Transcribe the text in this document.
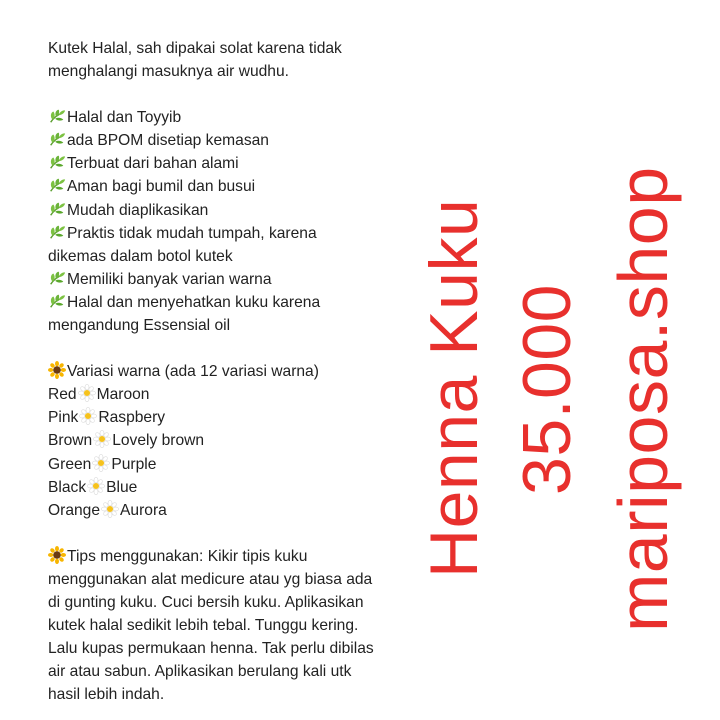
Kutek Halal, sah dipakai solat karena tidak

menghalangi masuknya air wudhu.

Halal dan Toyyib

ada BPOM disetiap kemasan

Terbuat dari bahan alami

Aman bagi bumil dan busui

Mudah diaplikasikan

Praktis tidak mudah tumpah, karena

dikemas dalam botol kutek

Memiliki banyak varian warna

Halal dan menyehatkan kuku karena

mengandung Essensial oil

Variasi warna (ada 12 variasi warna)

Red Maroon

Pink Raspbery

Brown Lovely brown

Green Purple

Black Blue

Orange Aurora

Tips menggunakan: Kikir tipis kuku

menggunakan alat medicure atau yg biasa ada

di gunting kuku. Cuci bersih kuku. Aplikasikan

kutek halal sedikit lebih tebal. Tunggu kering.

Lalu kupas permukaan henna. Tak perlu dibilas

air atau sabun. Aplikasikan berulang kali utk

hasil lebih indah.

Henna Kuku 35.000 mariposa.shop
